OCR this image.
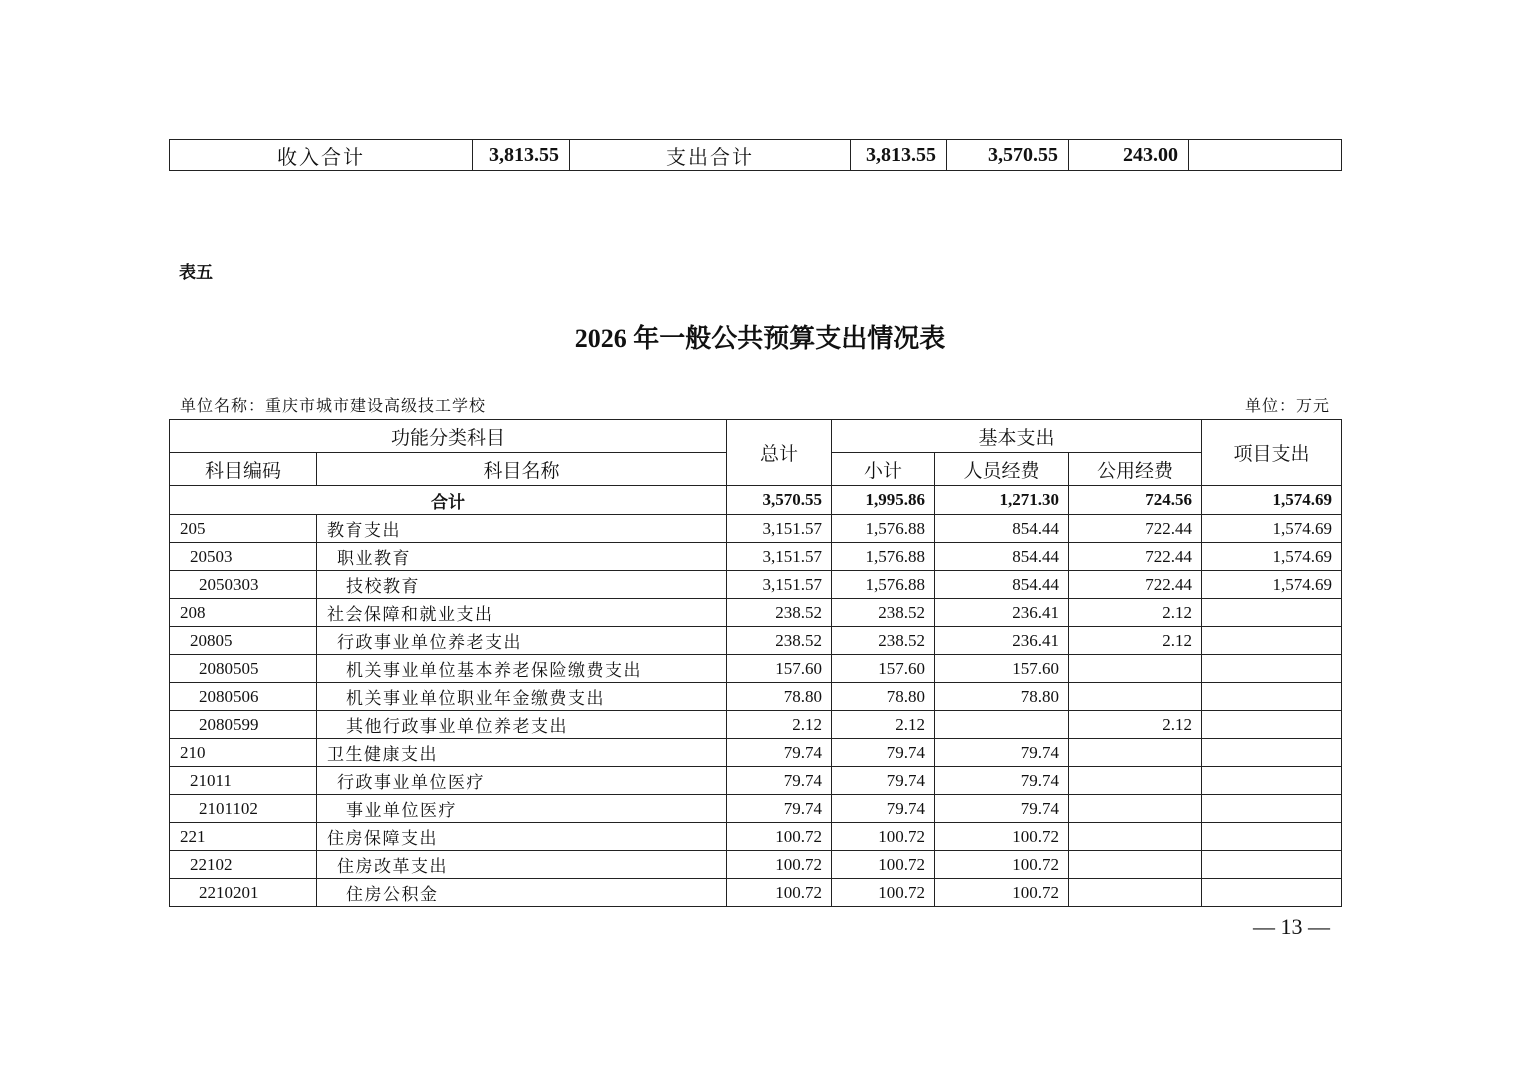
收入合计	3,813.55	支出合计	3,813.55	3,570.55	243.00	
表五
2026 年一般公共预算支出情况表
单位名称：重庆市城市建设高级技工学校	单位：万元
功能分类科目		总计	基本支出			项目支出
科目编码	科目名称		小计	人员经费	公用经费	
合计		3,570.55	1,995.86	1,271.30	724.56	1,574.69
205	教育支出	3,151.57	1,576.88	854.44	722.44	1,574.69
20503	职业教育	3,151.57	1,576.88	854.44	722.44	1,574.69
2050303	技校教育	3,151.57	1,576.88	854.44	722.44	1,574.69
208	社会保障和就业支出	238.52	238.52	236.41	2.12	
20805	行政事业单位养老支出	238.52	238.52	236.41	2.12	
2080505	机关事业单位基本养老保险缴费支出	157.60	157.60	157.60		
2080506	机关事业单位职业年金缴费支出	78.80	78.80	78.80		
2080599	其他行政事业单位养老支出	2.12	2.12		2.12	
210	卫生健康支出	79.74	79.74	79.74		
21011	行政事业单位医疗	79.74	79.74	79.74		
2101102	事业单位医疗	79.74	79.74	79.74		
221	住房保障支出	100.72	100.72	100.72		
22102	住房改革支出	100.72	100.72	100.72		
2210201	住房公积金	100.72	100.72	100.72		
— 13 —
